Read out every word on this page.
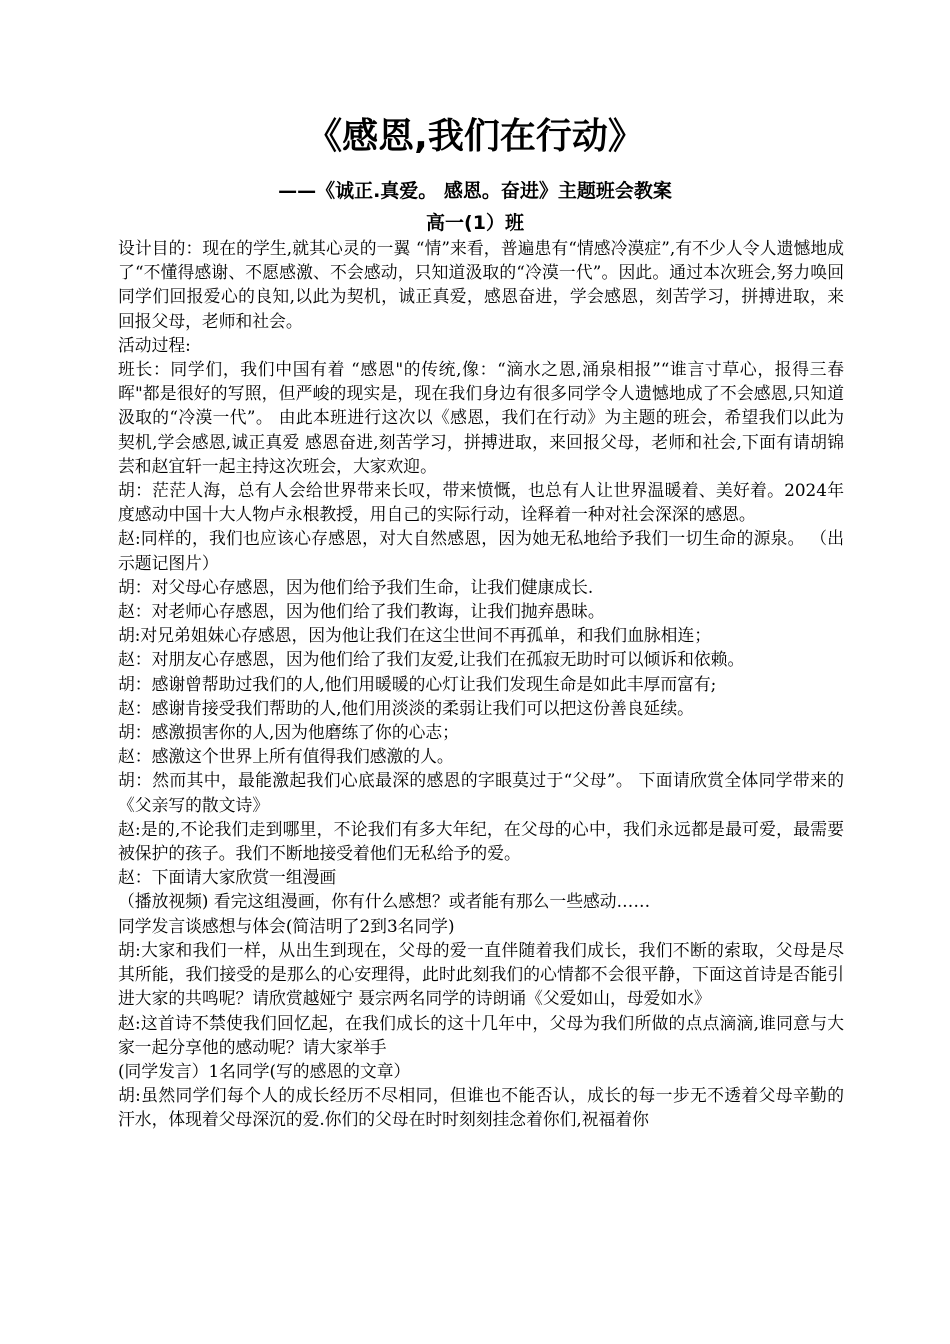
《感恩,我们在行动》
——《诚正.真爱。 感恩。奋进》主题班会教案
高一(1）班

设计目的：现在的学生,就其心灵的一翼 “情”来看，普遍患有“情感冷漠症”,有不少人令人遗憾地成了“不懂得感谢、不愿感激、不会感动，只知道汲取的“冷漠一代”。因此。通过本次班会,努力唤回同学们回报爱心的良知,以此为契机，诚正真爱，感恩奋进，学会感恩，刻苦学习，拼搏进取，来回报父母，老师和社会。

活动过程:

班长：同学们，我们中国有着 “感恩"的传统,像：“滴水之恩,涌泉相报”“谁言寸草心，报得三春晖"都是很好的写照，但严峻的现实是，现在我们身边有很多同学令人遗憾地成了不会感恩,只知道汲取的“冷漠一代”。 由此本班进行这次以《感恩，我们在行动》为主题的班会，希望我们以此为契机,学会感恩,诚正真爱 感恩奋进,刻苦学习，拼搏进取，来回报父母，老师和社会,下面有请胡锦芸和赵宜轩一起主持这次班会，大家欢迎。

胡：茫茫人海，总有人会给世界带来长叹，带来愤慨，也总有人让世界温暖着、美好着。2024年度感动中国十大人物卢永根教授，用自己的实际行动，诠释着一种对社会深深的感恩。

赵:同样的，我们也应该心存感恩，对大自然感恩，因为她无私地给予我们一切生命的源泉。 （出示题记图片）

胡：对父母心存感恩，因为他们给予我们生命，让我们健康成长.

赵：对老师心存感恩，因为他们给了我们教诲，让我们抛弃愚昧。

胡:对兄弟姐妹心存感恩，因为他让我们在这尘世间不再孤单，和我们血脉相连；

赵：对朋友心存感恩，因为他们给了我们友爱,让我们在孤寂无助时可以倾诉和依赖。

胡：感谢曾帮助过我们的人,他们用暖暖的心灯让我们发现生命是如此丰厚而富有;

赵：感谢肯接受我们帮助的人,他们用淡淡的柔弱让我们可以把这份善良延续。

胡：感激损害你的人,因为他磨练了你的心志；

赵：感激这个世界上所有值得我们感激的人。

胡：然而其中，最能激起我们心底最深的感恩的字眼莫过于“父母”。 下面请欣赏全体同学带来的《父亲写的散文诗》

赵:是的,不论我们走到哪里，不论我们有多大年纪，在父母的心中，我们永远都是最可爱，最需要被保护的孩子。我们不断地接受着他们无私给予的爱。

赵：下面请大家欣赏一组漫画

（播放视频) 看完这组漫画，你有什么感想？或者能有那么一些感动……

同学发言谈感想与体会(简洁明了2到3名同学)

胡:大家和我们一样，从出生到现在，父母的爱一直伴随着我们成长，我们不断的索取，父母是尽其所能，我们接受的是那么的心安理得，此时此刻我们的心情都不会很平静，下面这首诗是否能引进大家的共鸣呢？请欣赏越娅宁 聂宗两名同学的诗朗诵《父爱如山，母爱如水》

赵:这首诗不禁使我们回忆起，在我们成长的这十几年中，父母为我们所做的点点滴滴,谁同意与大家一起分享他的感动呢？请大家举手

(同学发言）1名同学(写的感恩的文章）

胡:虽然同学们每个人的成长经历不尽相同，但谁也不能否认，成长的每一步无不透着父母辛勤的汗水，体现着父母深沉的爱.你们的父母在时时刻刻挂念着你们,祝福着你
